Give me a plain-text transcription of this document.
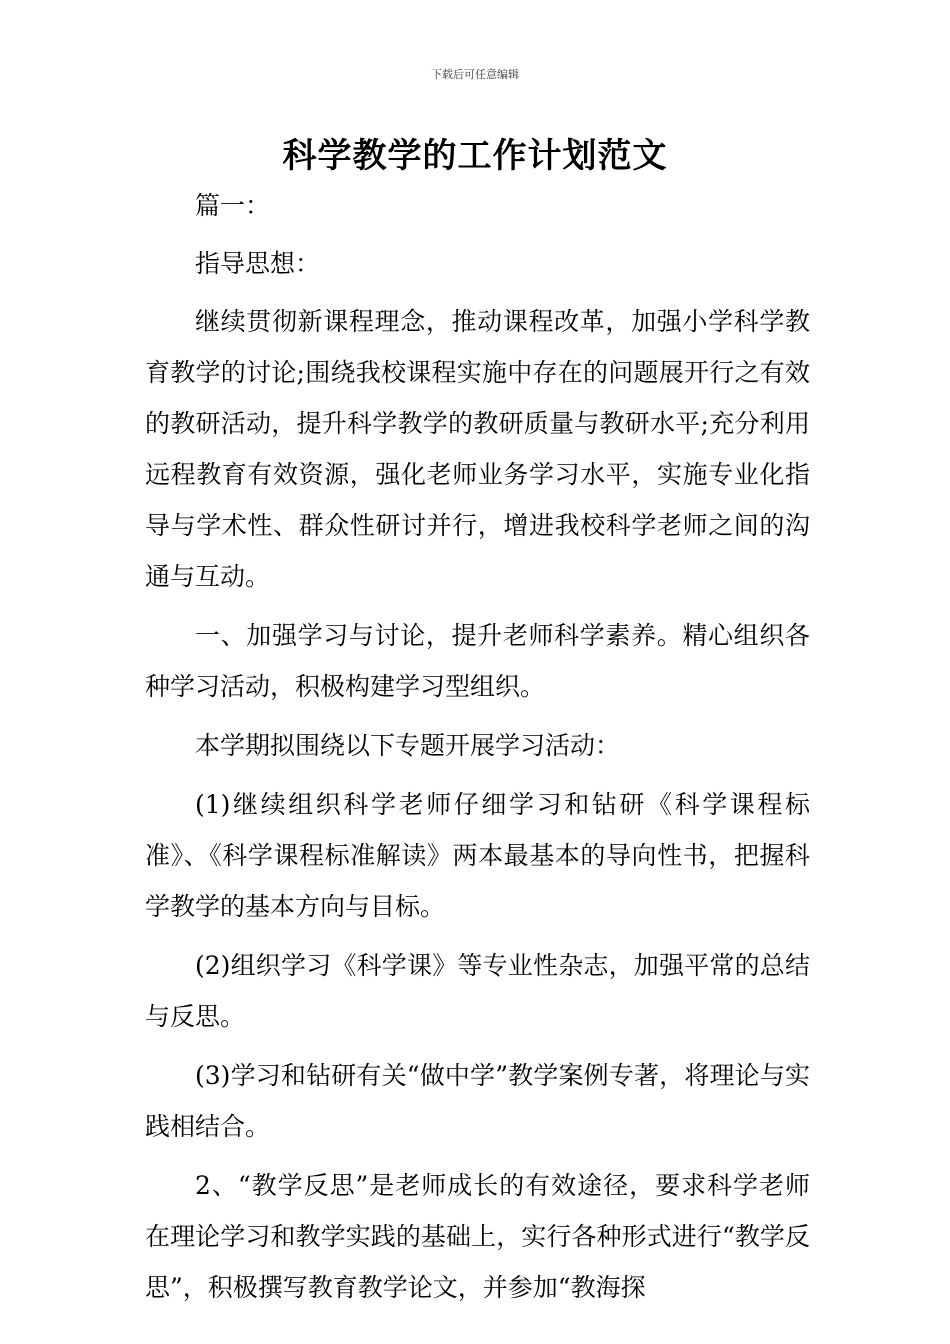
下载后可任意编辑
科学教学的工作计划范文

篇一：

指导思想：

继续贯彻新课程理念，推动课程改革，加强小学科学教育教学的讨论;围绕我校课程实施中存在的问题展开行之有效的教研活动，提升科学教学的教研质量与教研水平;充分利用远程教育有效资源，强化老师业务学习水平，实施专业化指导与学术性、群众性研讨并行，增进我校科学老师之间的沟通与互动。

一、加强学习与讨论，提升老师科学素养。精心组织各种学习活动，积极构建学习型组织。

本学期拟围绕以下专题开展学习活动：

(1)继续组织科学老师仔细学习和钻研《科学课程标准》、《科学课程标准解读》两本最基本的导向性书，把握科学教学的基本方向与目标。

(2)组织学习《科学课》等专业性杂志，加强平常的总结与反思。

(3)学习和钻研有关“做中学”教学案例专著，将理论与实践相结合。

2、“教学反思”是老师成长的有效途径，要求科学老师在理论学习和教学实践的基础上，实行各种形式进行“教学反思”，积极撰写教育教学论文，并参加“教海探
